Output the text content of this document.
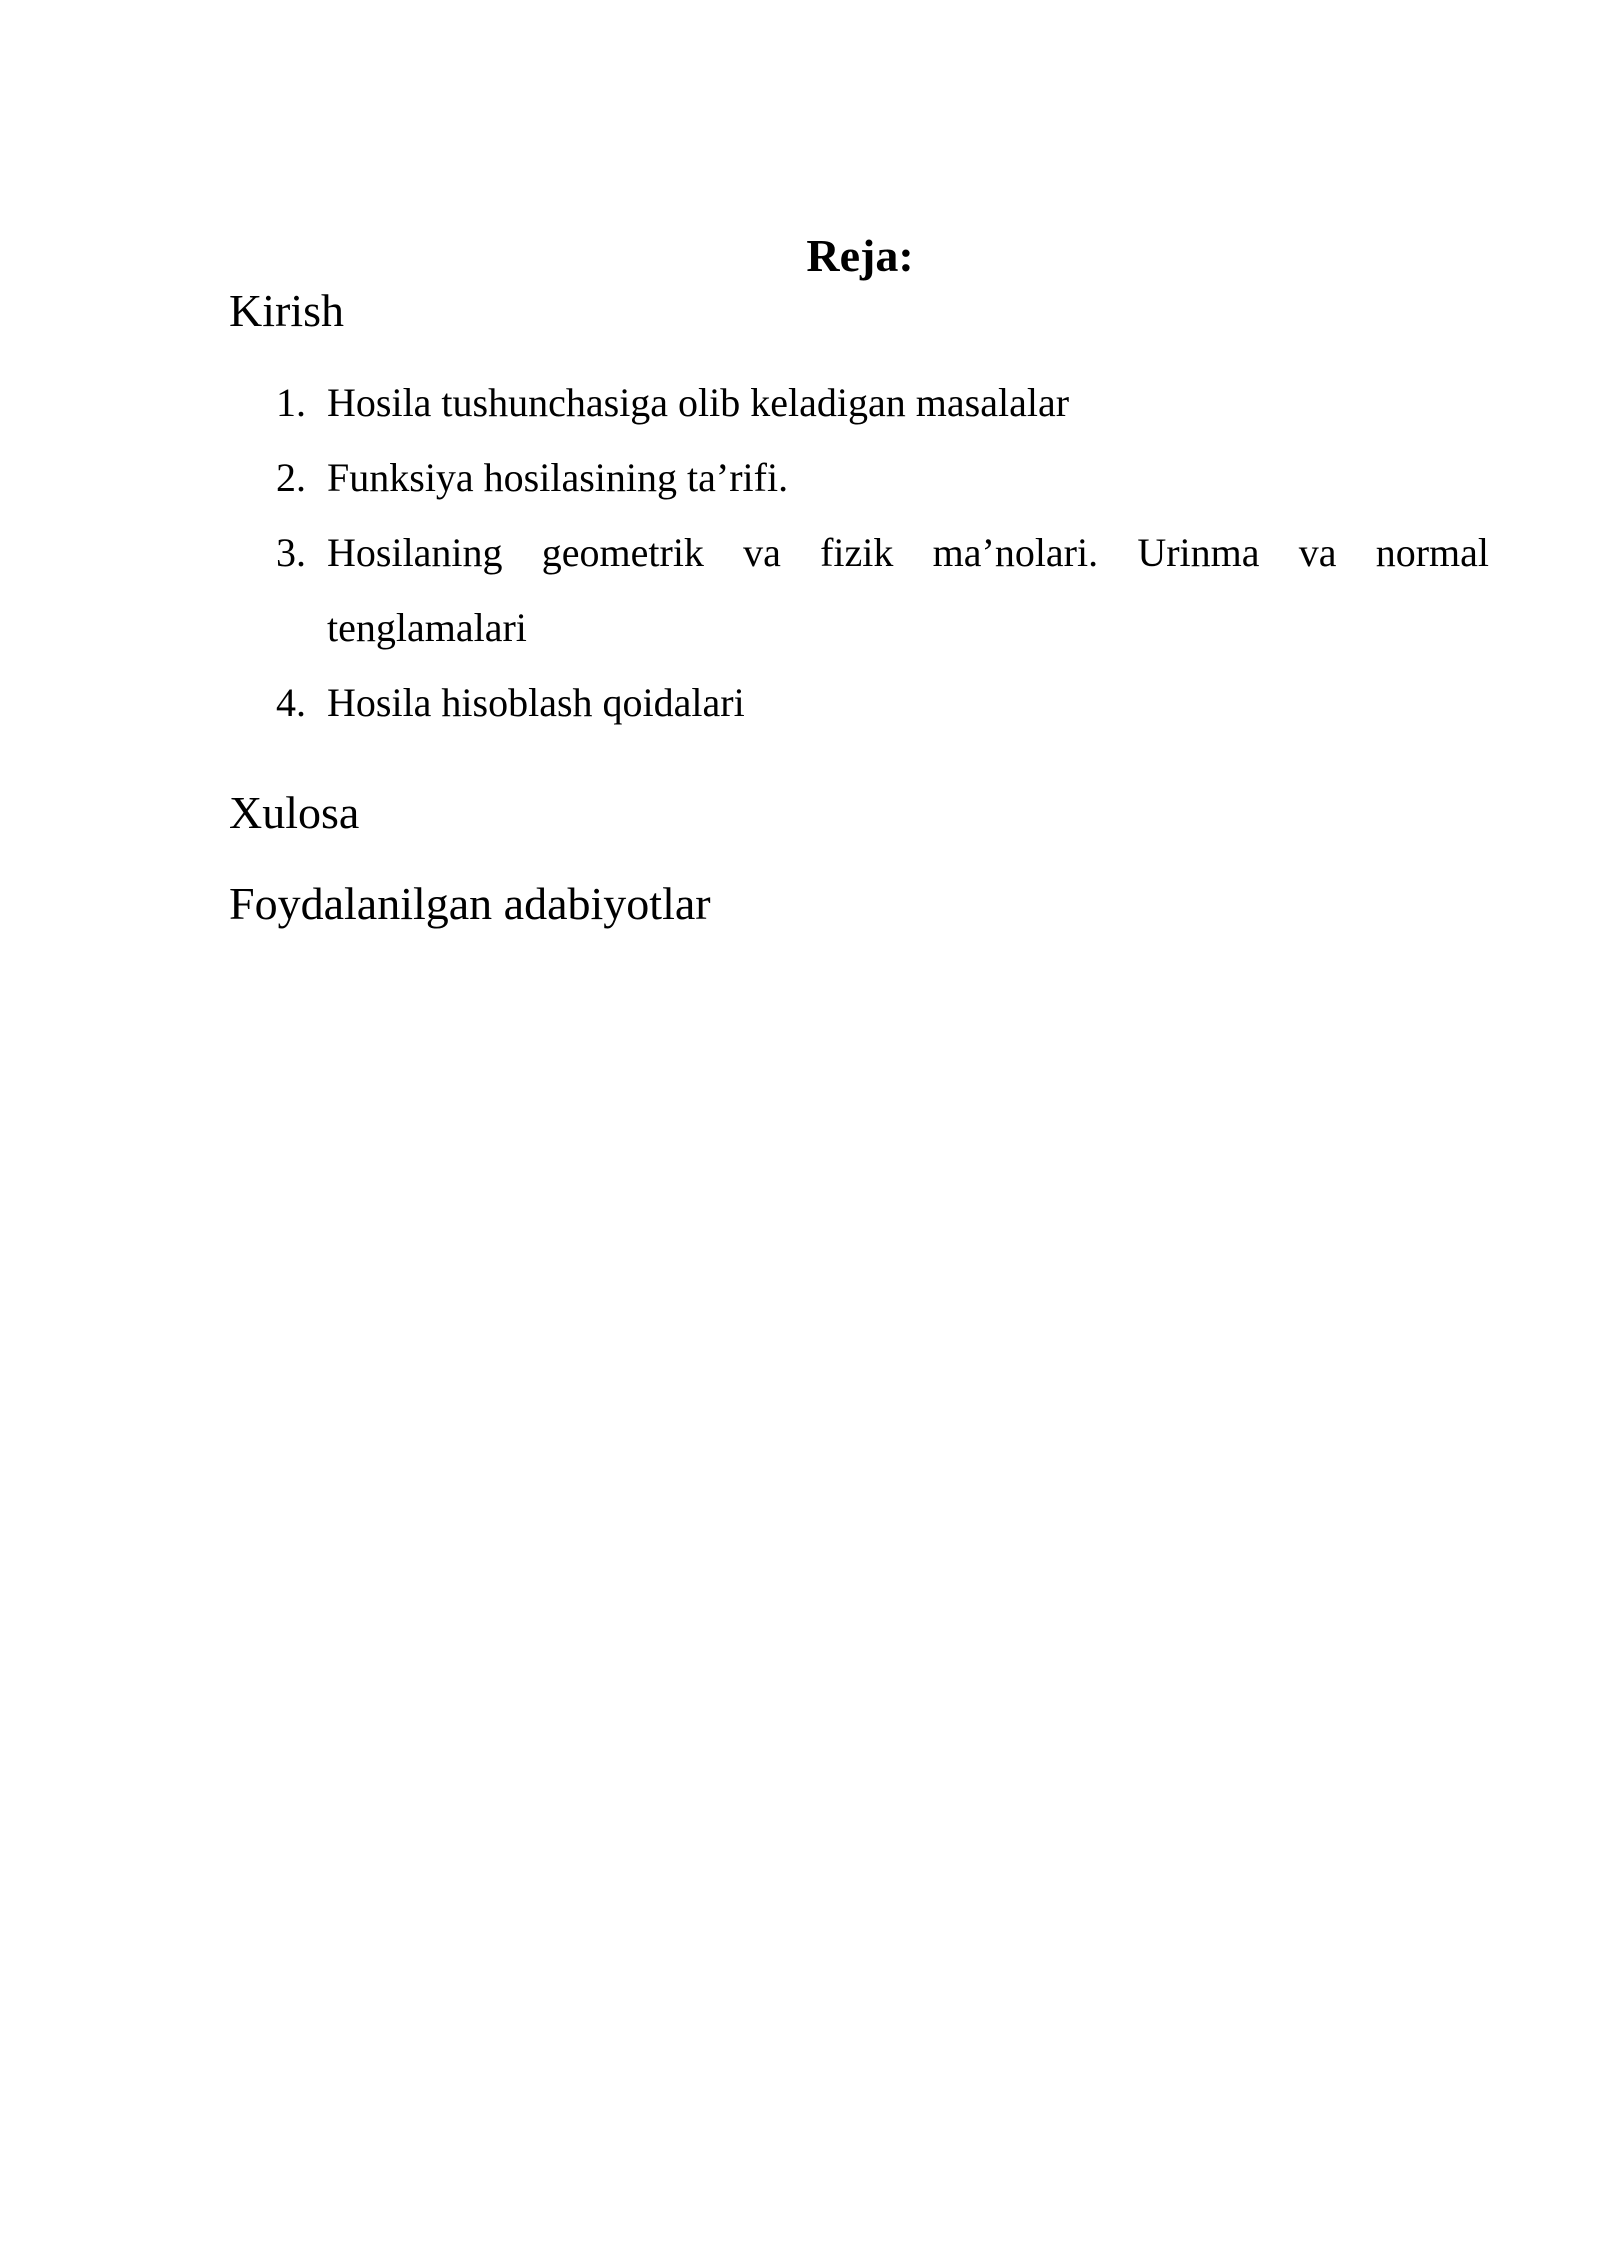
Reja:
Kirish
1. Hosila tushunchasiga olib keladigan masalalar
2. Funksiya hosilasining ta’rifi.
3. Hosilaning geometrik va fizik ma’nolari. Urinma va normal tenglamalari
4. Hosila hisoblash qoidalari
Xulosa
Foydalanilgan adabiyotlar
